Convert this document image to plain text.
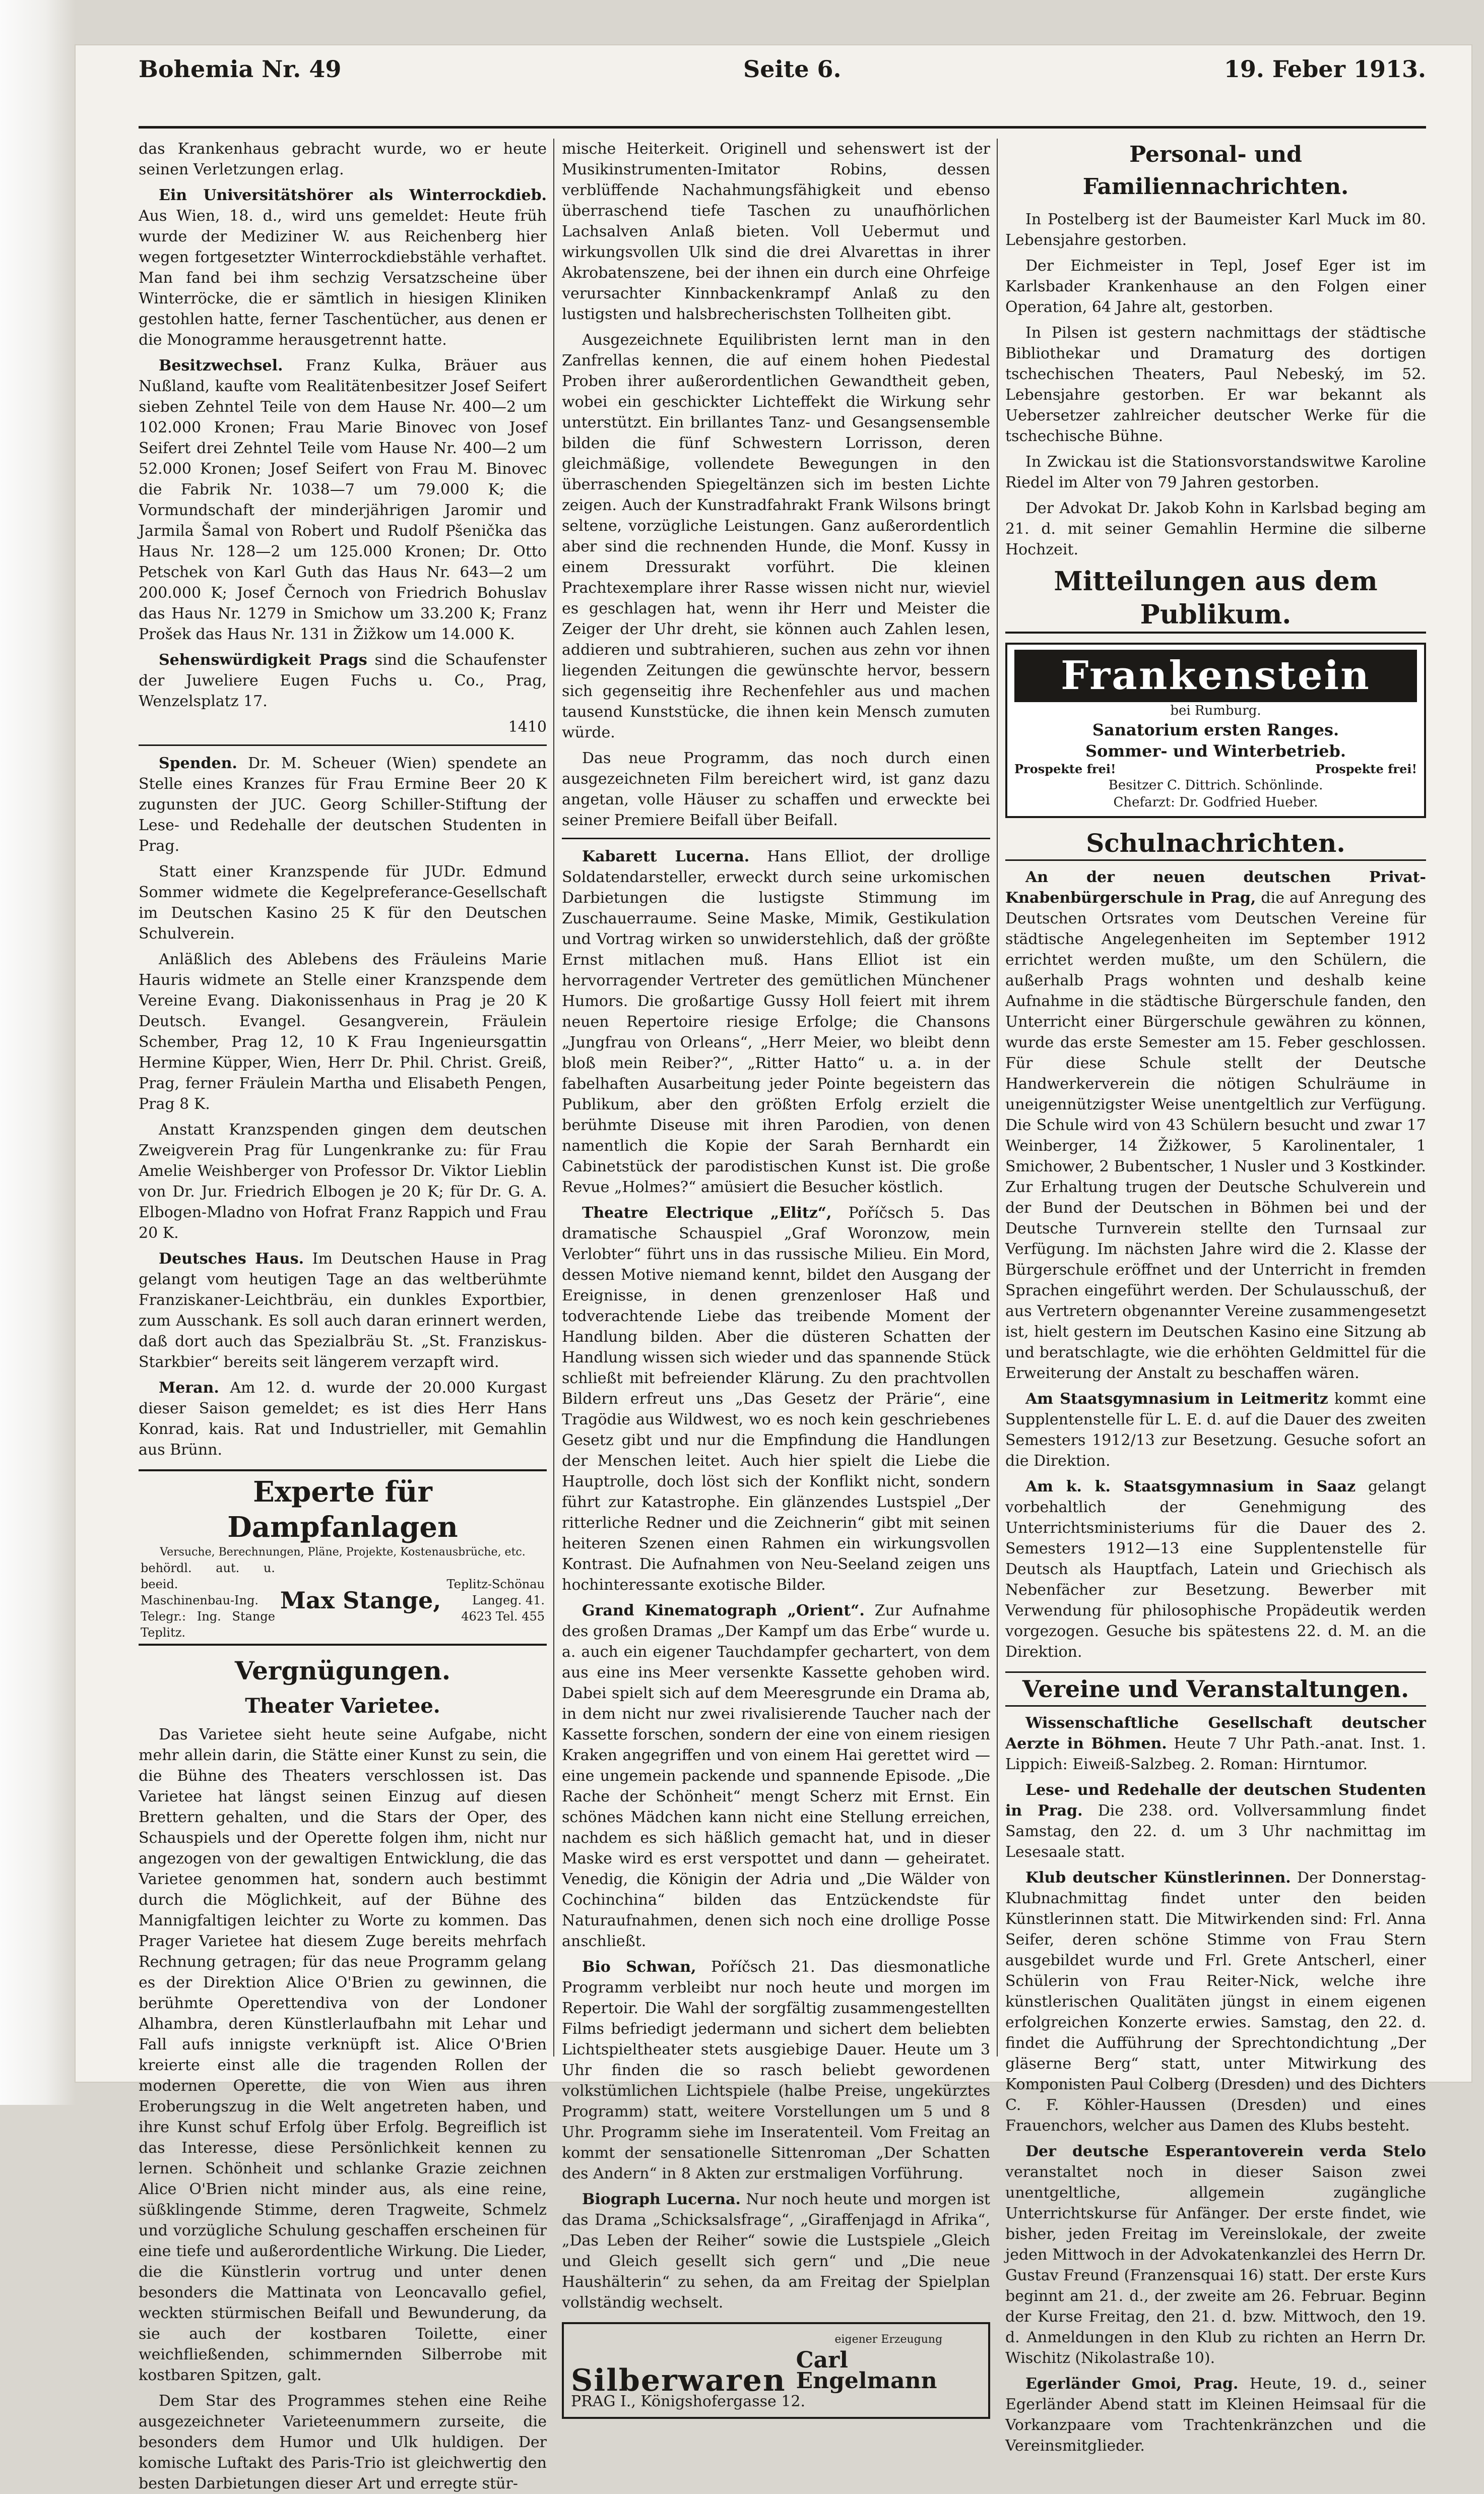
Bohemia Nr. 49	Seite 6.	19. Feber 1913.

das Krankenhaus gebracht wurde, wo er heute seinen Verletzungen erlag.

Ein Universitätshörer als Winterrockdieb. Aus Wien, 18. d., wird uns gemeldet: Heute früh wurde der Mediziner W. aus Reichenberg hier wegen fortgesetzter Winterrockdiebstähle verhaftet. Man fand bei ihm sechzig Versatzscheine über Winterröcke, die er sämtlich in hiesigen Kliniken gestohlen hatte, ferner Taschentücher, aus denen er die Monogramme herausgetrennt hatte.

Besitzwechsel. Franz Kulka, Bräuer aus Nußland, kaufte vom Realitätenbesitzer Josef Seifert sieben Zehntel Teile von dem Hause Nr. 400—2 um 102.000 Kronen; Frau Marie Binovec von Josef Seifert drei Zehntel Teile vom Hause Nr. 400—2 um 52.000 Kronen; Josef Seifert von Frau M. Binovec die Fabrik Nr. 1038—7 um 79.000 K; die Vormundschaft der minderjährigen Jaromir und Jarmila Šamal von Robert und Rudolf Pšenička das Haus Nr. 128—2 um 125.000 Kronen; Dr. Otto Petschek von Karl Guth das Haus Nr. 643—2 um 200.000 K; Josef Černoch von Friedrich Bohuslav das Haus Nr. 1279 in Smichow um 33.200 K; Franz Prošek das Haus Nr. 131 in Žižkow um 14.000 K.

Sehenswürdigkeit Prags sind die Schaufenster der Juweliere Eugen Fuchs u. Co., Prag, Wenzelsplatz 17.

1410

Spenden. Dr. M. Scheuer (Wien) spendete an Stelle eines Kranzes für Frau Ermine Beer 20 K zugunsten der JUC. Georg Schiller-Stiftung der Lese- und Redehalle der deutschen Studenten in Prag.

Statt einer Kranzspende für JUDr. Edmund Sommer widmete die Kegelpreferance-Gesellschaft im Deutschen Kasino 25 K für den Deutschen Schulverein.

Anläßlich des Ablebens des Fräuleins Marie Hauris widmete an Stelle einer Kranzspende dem Vereine Evang. Diakonissenhaus in Prag je 20 K Deutsch. Evangel. Gesangverein, Fräulein Schember, Prag 12, 10 K Frau Ingenieursgattin Hermine Küpper, Wien, Herr Dr. Phil. Christ. Greiß, Prag, ferner Fräulein Martha und Elisabeth Pengen, Prag 8 K.

Anstatt Kranzspenden gingen dem deutschen Zweigverein Prag für Lungenkranke zu: für Frau Amelie Weishberger von Professor Dr. Viktor Lieblin von Dr. Jur. Friedrich Elbogen je 20 K; für Dr. G. A. Elbogen-Mladno von Hofrat Franz Rappich und Frau 20 K.

Deutsches Haus. Im Deutschen Hause in Prag gelangt vom heutigen Tage an das weltberühmte Franziskaner-Leichtbräu, ein dunkles Exportbier, zum Ausschank. Es soll auch daran erinnert werden, daß dort auch das Spezialbräu St. „St. Franziskus-Starkbier“ bereits seit längerem verzapft wird.

Meran. Am 12. d. wurde der 20.000 Kurgast dieser Saison gemeldet; es ist dies Herr Hans Konrad, kais. Rat und Industrieller, mit Gemahlin aus Brünn.

Experte für Dampfanlagen
Versuche, Berechnungen, Pläne, Projekte, Kostenausbrüche, etc.
behördl. aut. u. beeid. Maschinenbau-Ing. Telegr.: Ing. Stange Teplitz.
Max Stange,
Teplitz-Schönau Langeg. 41.
4623 Tel. 455
Vergnügungen.
Theater Varietee.

Das Varietee sieht heute seine Aufgabe, nicht mehr allein darin, die Stätte einer Kunst zu sein, die die Bühne des Theaters verschlossen ist. Das Varietee hat längst seinen Einzug auf diesen Brettern gehalten, und die Stars der Oper, des Schauspiels und der Operette folgen ihm, nicht nur angezogen von der gewaltigen Entwicklung, die das Varietee genommen hat, sondern auch bestimmt durch die Möglichkeit, auf der Bühne des Mannigfaltigen leichter zu Worte zu kommen. Das Prager Varietee hat diesem Zuge bereits mehrfach Rechnung getragen; für das neue Programm gelang es der Direktion Alice O'Brien zu gewinnen, die berühmte Operettendiva von der Londoner Alhambra, deren Künstlerlaufbahn mit Lehar und Fall aufs innigste verknüpft ist. Alice O'Brien kreierte einst alle die tragenden Rollen der modernen Operette, die von Wien aus ihren Eroberungszug in die Welt angetreten haben, und ihre Kunst schuf Erfolg über Erfolg. Begreiflich ist das Interesse, diese Persönlichkeit kennen zu lernen. Schönheit und schlanke Grazie zeichnen Alice O'Brien nicht minder aus, als eine reine, süßklingende Stimme, deren Tragweite, Schmelz und vorzügliche Schulung geschaffen erscheinen für eine tiefe und außerordentliche Wirkung. Die Lieder, die die Künstlerin vortrug und unter denen besonders die Mattinata von Leoncavallo gefiel, weckten stürmischen Beifall und Bewunderung, da sie auch der kostbaren Toilette, einer weichfließenden, schimmernden Silberrobe mit kostbaren Spitzen, galt.

Dem Star des Programmes stehen eine Reihe ausgezeichneter Varieteenummern zurseite, die besonders dem Humor und Ulk huldigen. Der komische Luftakt des Paris-Trio ist gleichwertig den besten Darbietungen dieser Art und erregte stür-

mische Heiterkeit. Originell und sehenswert ist der Musikinstrumenten-Imitator Robins, dessen verblüffende Nachahmungsfähigkeit und ebenso überraschend tiefe Taschen zu unaufhörlichen Lachsalven Anlaß bieten. Voll Uebermut und wirkungsvollen Ulk sind die drei Alvarettas in ihrer Akrobatenszene, bei der ihnen ein durch eine Ohrfeige verursachter Kinnbackenkrampf Anlaß zu den lustigsten und halsbrecherischsten Tollheiten gibt.

Ausgezeichnete Equilibristen lernt man in den Zanfrellas kennen, die auf einem hohen Piedestal Proben ihrer außerordentlichen Gewandtheit geben, wobei ein geschickter Lichteffekt die Wirkung sehr unterstützt. Ein brillantes Tanz- und Gesangsensemble bilden die fünf Schwestern Lorrisson, deren gleichmäßige, vollendete Bewegungen in den überraschenden Spiegeltänzen sich im besten Lichte zeigen. Auch der Kunstradfahrakt Frank Wilsons bringt seltene, vorzügliche Leistungen. Ganz außerordentlich aber sind die rechnenden Hunde, die Monf. Kussy in einem Dressurakt vorführt. Die kleinen Prachtexemplare ihrer Rasse wissen nicht nur, wieviel es geschlagen hat, wenn ihr Herr und Meister die Zeiger der Uhr dreht, sie können auch Zahlen lesen, addieren und subtrahieren, suchen aus zehn vor ihnen liegenden Zeitungen die gewünschte hervor, bessern sich gegenseitig ihre Rechenfehler aus und machen tausend Kunststücke, die ihnen kein Mensch zumuten würde.

Das neue Programm, das noch durch einen ausgezeichneten Film bereichert wird, ist ganz dazu angetan, volle Häuser zu schaffen und erweckte bei seiner Premiere Beifall über Beifall.

Kabarett Lucerna. Hans Elliot, der drollige Soldatendarsteller, erweckt durch seine urkomischen Darbietungen die lustigste Stimmung im Zuschauerraume. Seine Maske, Mimik, Gestikulation und Vortrag wirken so unwiderstehlich, daß der größte Ernst mitlachen muß. Hans Elliot ist ein hervorragender Vertreter des gemütlichen Münchener Humors. Die großartige Gussy Holl feiert mit ihrem neuen Repertoire riesige Erfolge; die Chansons „Jungfrau von Orleans“, „Herr Meier, wo bleibt denn bloß mein Reiber?“, „Ritter Hatto“ u. a. in der fabelhaften Ausarbeitung jeder Pointe begeistern das Publikum, aber den größten Erfolg erzielt die berühmte Diseuse mit ihren Parodien, von denen namentlich die Kopie der Sarah Bernhardt ein Cabinetstück der parodistischen Kunst ist. Die große Revue „Holmes?“ amüsiert die Besucher köstlich.

Theatre Electrique „Elitz“, Poříčsch 5. Das dramatische Schauspiel „Graf Woronzow, mein Verlobter“ führt uns in das russische Milieu. Ein Mord, dessen Motive niemand kennt, bildet den Ausgang der Ereignisse, in denen grenzenloser Haß und todverachtende Liebe das treibende Moment der Handlung bilden. Aber die düsteren Schatten der Handlung wissen sich wieder und das spannende Stück schließt mit befreiender Klärung. Zu den prachtvollen Bildern erfreut uns „Das Gesetz der Prärie“, eine Tragödie aus Wildwest, wo es noch kein geschriebenes Gesetz gibt und nur die Empfindung die Handlungen der Menschen leitet. Auch hier spielt die Liebe die Hauptrolle, doch löst sich der Konflikt nicht, sondern führt zur Katastrophe. Ein glänzendes Lustspiel „Der ritterliche Redner und die Zeichnerin“ gibt mit seinen heiteren Szenen einen Rahmen ein wirkungsvollen Kontrast. Die Aufnahmen von Neu-Seeland zeigen uns hochinteressante exotische Bilder.

Grand Kinematograph „Orient“. Zur Aufnahme des großen Dramas „Der Kampf um das Erbe“ wurde u. a. auch ein eigener Tauchdampfer gechartert, von dem aus eine ins Meer versenkte Kassette gehoben wird. Dabei spielt sich auf dem Meeresgrunde ein Drama ab, in dem nicht nur zwei rivalisierende Taucher nach der Kassette forschen, sondern der eine von einem riesigen Kraken angegriffen und von einem Hai gerettet wird — eine ungemein packende und spannende Episode. „Die Rache der Schönheit“ mengt Scherz mit Ernst. Ein schönes Mädchen kann nicht eine Stellung erreichen, nachdem es sich häßlich gemacht hat, und in dieser Maske wird es erst verspottet und dann — geheiratet. Venedig, die Königin der Adria und „Die Wälder von Cochinchina“ bilden das Entzückendste für Naturaufnahmen, denen sich noch eine drollige Posse anschließt.

Bio Schwan, Poříčsch 21. Das diesmonatliche Programm verbleibt nur noch heute und morgen im Repertoir. Die Wahl der sorgfältig zusammengestellten Films befriedigt jedermann und sichert dem beliebten Lichtspieltheater stets ausgiebige Dauer. Heute um 3 Uhr finden die so rasch beliebt gewordenen volkstümlichen Lichtspiele (halbe Preise, ungekürztes Programm) statt, weitere Vorstellungen um 5 und 8 Uhr. Programm siehe im Inseratenteil. Vom Freitag an kommt der sensationelle Sittenroman „Der Schatten des Andern“ in 8 Akten zur erstmaligen Vorführung.

Biograph Lucerna. Nur noch heute und morgen ist das Drama „Schicksalsfrage“, „Giraffenjagd in Afrika“, „Das Leben der Reiher“ sowie die Lustspiele „Gleich und Gleich gesellt sich gern“ und „Die neue Haushälterin“ zu sehen, da am Freitag der Spielplan vollständig wechselt.

Silberwaren
eigener Erzeugung
Carl Engelmann
PRAG I., Königshofergasse 12.
Personal- und Familiennachrichten.

In Postelberg ist der Baumeister Karl Muck im 80. Lebensjahre gestorben.

Der Eichmeister in Tepl, Josef Eger ist im Karlsbader Krankenhause an den Folgen einer Operation, 64 Jahre alt, gestorben.

In Pilsen ist gestern nachmittags der städtische Bibliothekar und Dramaturg des dortigen tschechischen Theaters, Paul Nebeský, im 52. Lebensjahre gestorben. Er war bekannt als Uebersetzer zahlreicher deutscher Werke für die tschechische Bühne.

In Zwickau ist die Stationsvorstandswitwe Karoline Riedel im Alter von 79 Jahren gestorben.

Der Advokat Dr. Jakob Kohn in Karlsbad beging am 21. d. mit seiner Gemahlin Hermine die silberne Hochzeit.

Mitteilungen aus dem Publikum.
Frankenstein
bei Rumburg.
Sanatorium ersten Ranges.
Sommer- und Winterbetrieb.
Prospekte frei!	Prospekte frei!
Besitzer C. Dittrich. Schönlinde.
Chefarzt: Dr. Godfried Hueber.
Schulnachrichten.

An der neuen deutschen Privat-Knabenbürgerschule in Prag, die auf Anregung des Deutschen Ortsrates vom Deutschen Vereine für städtische Angelegenheiten im September 1912 errichtet werden mußte, um den Schülern, die außerhalb Prags wohnten und deshalb keine Aufnahme in die städtische Bürgerschule fanden, den Unterricht einer Bürgerschule gewähren zu können, wurde das erste Semester am 15. Feber geschlossen. Für diese Schule stellt der Deutsche Handwerkerverein die nötigen Schulräume in uneigennützigster Weise unentgeltlich zur Verfügung. Die Schule wird von 43 Schülern besucht und zwar 17 Weinberger, 14 Žižkower, 5 Karolinentaler, 1 Smichower, 2 Bubentscher, 1 Nusler und 3 Kostkinder. Zur Erhaltung trugen der Deutsche Schulverein und der Bund der Deutschen in Böhmen bei und der Deutsche Turnverein stellte den Turnsaal zur Verfügung. Im nächsten Jahre wird die 2. Klasse der Bürgerschule eröffnet und der Unterricht in fremden Sprachen eingeführt werden. Der Schulausschuß, der aus Vertretern obgenannter Vereine zusammengesetzt ist, hielt gestern im Deutschen Kasino eine Sitzung ab und beratschlagte, wie die erhöhten Geldmittel für die Erweiterung der Anstalt zu beschaffen wären.

Am Staatsgymnasium in Leitmeritz kommt eine Supplentenstelle für L. E. d. auf die Dauer des zweiten Semesters 1912/13 zur Besetzung. Gesuche sofort an die Direktion.

Am k. k. Staatsgymnasium in Saaz gelangt vorbehaltlich der Genehmigung des Unterrichtsministeriums für die Dauer des 2. Semesters 1912—13 eine Supplentenstelle für Deutsch als Hauptfach, Latein und Griechisch als Nebenfächer zur Besetzung. Bewerber mit Verwendung für philosophische Propädeutik werden vorgezogen. Gesuche bis spätestens 22. d. M. an die Direktion.

Vereine und Veranstaltungen.

Wissenschaftliche Gesellschaft deutscher Aerzte in Böhmen. Heute 7 Uhr Path.-anat. Inst. 1. Lippich: Eiweiß-Salzbeg. 2. Roman: Hirntumor.

Lese- und Redehalle der deutschen Studenten in Prag. Die 238. ord. Vollversammlung findet Samstag, den 22. d. um 3 Uhr nachmittag im Lesesaale statt.

Klub deutscher Künstlerinnen. Der Donnerstag-Klubnachmittag findet unter den beiden Künstlerinnen statt. Die Mitwirkenden sind: Frl. Anna Seifer, deren schöne Stimme von Frau Stern ausgebildet wurde und Frl. Grete Antscherl, einer Schülerin von Frau Reiter-Nick, welche ihre künstlerischen Qualitäten jüngst in einem eigenen erfolgreichen Konzerte erwies. Samstag, den 22. d. findet die Aufführung der Sprechtondichtung „Der gläserne Berg“ statt, unter Mitwirkung des Komponisten Paul Colberg (Dresden) und des Dichters C. F. Köhler-Haussen (Dresden) und eines Frauenchors, welcher aus Damen des Klubs besteht.

Der deutsche Esperantoverein verda Stelo veranstaltet noch in dieser Saison zwei unentgeltliche, allgemein zugängliche Unterrichtskurse für Anfänger. Der erste findet, wie bisher, jeden Freitag im Vereinslokale, der zweite jeden Mittwoch in der Advokatenkanzlei des Herrn Dr. Gustav Freund (Franzensquai 16) statt. Der erste Kurs beginnt am 21. d., der zweite am 26. Februar. Beginn der Kurse Freitag, den 21. d. bzw. Mittwoch, den 19. d. Anmeldungen in den Klub zu richten an Herrn Dr. Wischitz (Nikolastraße 10).

Egerländer Gmoi, Prag. Heute, 19. d., seiner Egerländer Abend statt im Kleinen Heimsaal für die Vorkanzpaare vom Trachtenkränzchen und die Vereinsmitglieder.
